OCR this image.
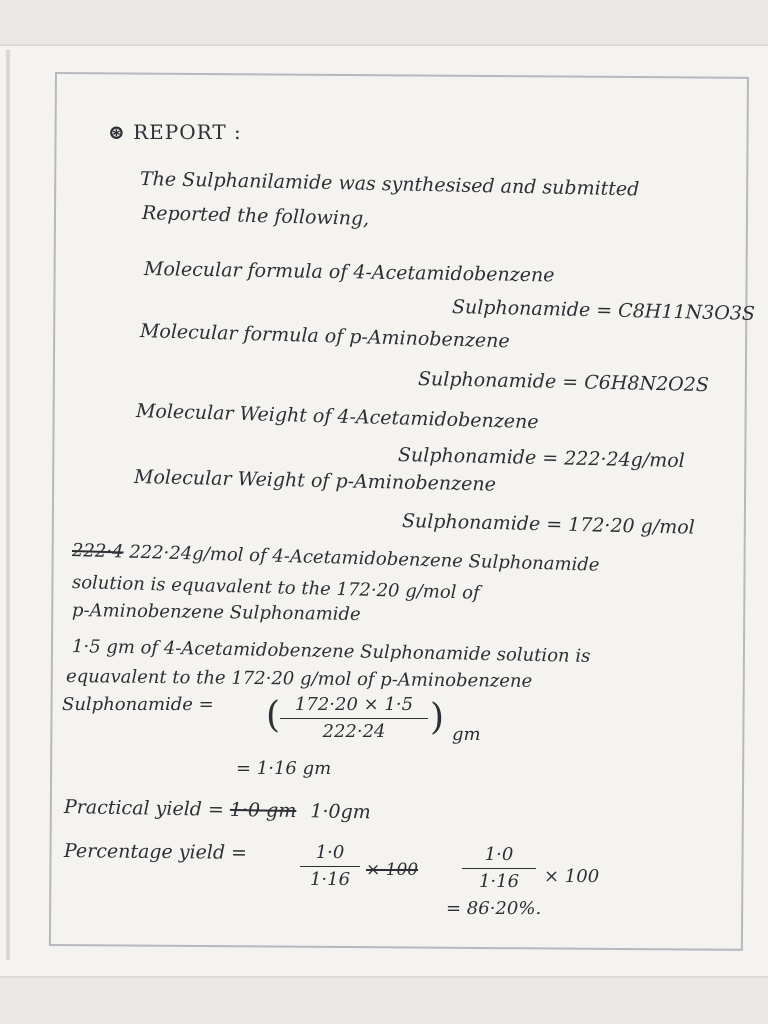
⊛ REPORT :
The Sulphanilamide was synthesised and submitted
Reported the following,
Molecular formula of 4-Acetamidobenzene
Sulphonamide = C8H11N3O3S
Molecular formula of p-Aminobenzene
Sulphonamide = C6H8N2O2S
Molecular Weight of 4-Acetamidobenzene
Sulphonamide = 222·24g/mol
Molecular Weight of p-Aminobenzene
Sulphonamide = 172·20 g/mol
222·4 222·24g/mol of 4-Acetamidobenzene Sulphonamide
solution is equavalent to the 172·20 g/mol of
p-Aminobenzene Sulphonamide
1·5 gm of 4-Acetamidobenzene Sulphonamide solution is
equavalent to the 172·20 g/mol of p-Aminobenzene
Sulphonamide = ( 172·20 × 1·5
222·24	) gm
= 1·16 gm
Practical yield = 1·0 gm 1·0gm
Percentage yield =	1·0
1·16 × 100
1·0
1·16	× 100
= 86·20%.
